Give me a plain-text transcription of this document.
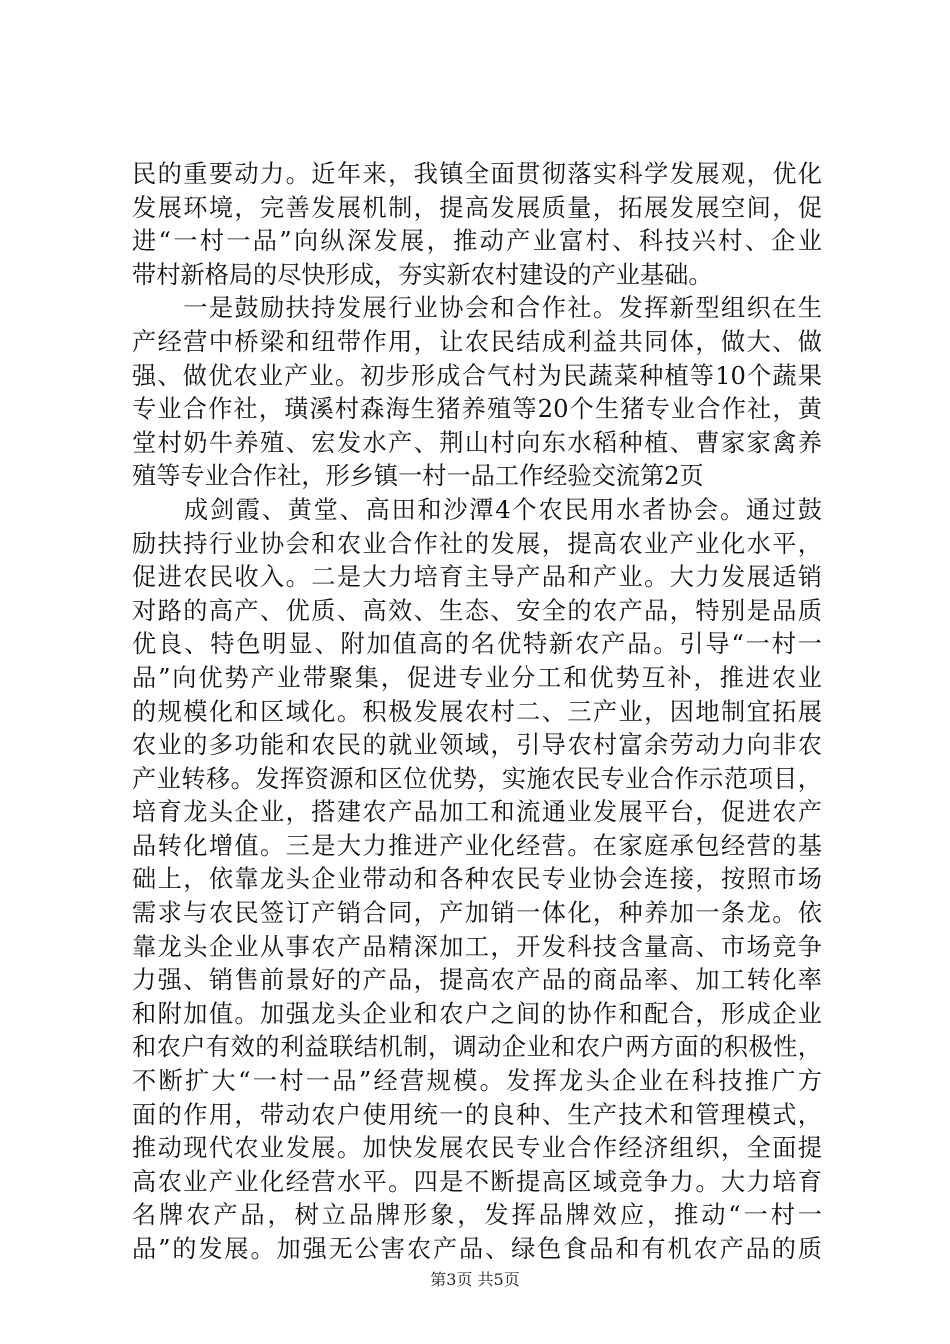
民的重要动力。近年来，我镇全面贯彻落实科学发展观，优化
发展环境，完善发展机制，提高发展质量，拓展发展空间，促
进“一村一品”向纵深发展，推动产业富村、科技兴村、企业
带村新格局的尽快形成，夯实新农村建设的产业基础。
　　一是鼓励扶持发展行业协会和合作社。发挥新型组织在生
产经营中桥梁和纽带作用，让农民结成利益共同体，做大、做
强、做优农业产业。初步形成合气村为民蔬菜种植等10个蔬果
专业合作社，璜溪村森海生猪养殖等20个生猪专业合作社，黄
堂村奶牛养殖、宏发水产、荆山村向东水稻种植、曹家家禽养
殖等专业合作社，形乡镇一村一品工作经验交流第2页
　　成剑霞、黄堂、高田和沙潭4个农民用水者协会。通过鼓
励扶持行业协会和农业合作社的发展，提高农业产业化水平，
促进农民收入。二是大力培育主导产品和产业。大力发展适销
对路的高产、优质、高效、生态、安全的农产品，特别是品质
优良、特色明显、附加值高的名优特新农产品。引导“一村一
品”向优势产业带聚集，促进专业分工和优势互补，推进农业
的规模化和区域化。积极发展农村二、三产业，因地制宜拓展
农业的多功能和农民的就业领域，引导农村富余劳动力向非农
产业转移。发挥资源和区位优势，实施农民专业合作示范项目，
培育龙头企业，搭建农产品加工和流通业发展平台，促进农产
品转化增值。三是大力推进产业化经营。在家庭承包经营的基
础上，依靠龙头企业带动和各种农民专业协会连接，按照市场
需求与农民签订产销合同，产加销一体化，种养加一条龙。依
靠龙头企业从事农产品精深加工，开发科技含量高、市场竞争
力强、销售前景好的产品，提高农产品的商品率、加工转化率
和附加值。加强龙头企业和农户之间的协作和配合，形成企业
和农户有效的利益联结机制，调动企业和农户两方面的积极性，
不断扩大“一村一品”经营规模。发挥龙头企业在科技推广方
面的作用，带动农户使用统一的良种、生产技术和管理模式，
推动现代农业发展。加快发展农民专业合作经济组织，全面提
高农业产业化经营水平。四是不断提高区域竞争力。大力培育
名牌农产品，树立品牌形象，发挥品牌效应，推动“一村一
品”的发展。加强无公害农产品、绿色食品和有机农产品的质
第3页 共5页
